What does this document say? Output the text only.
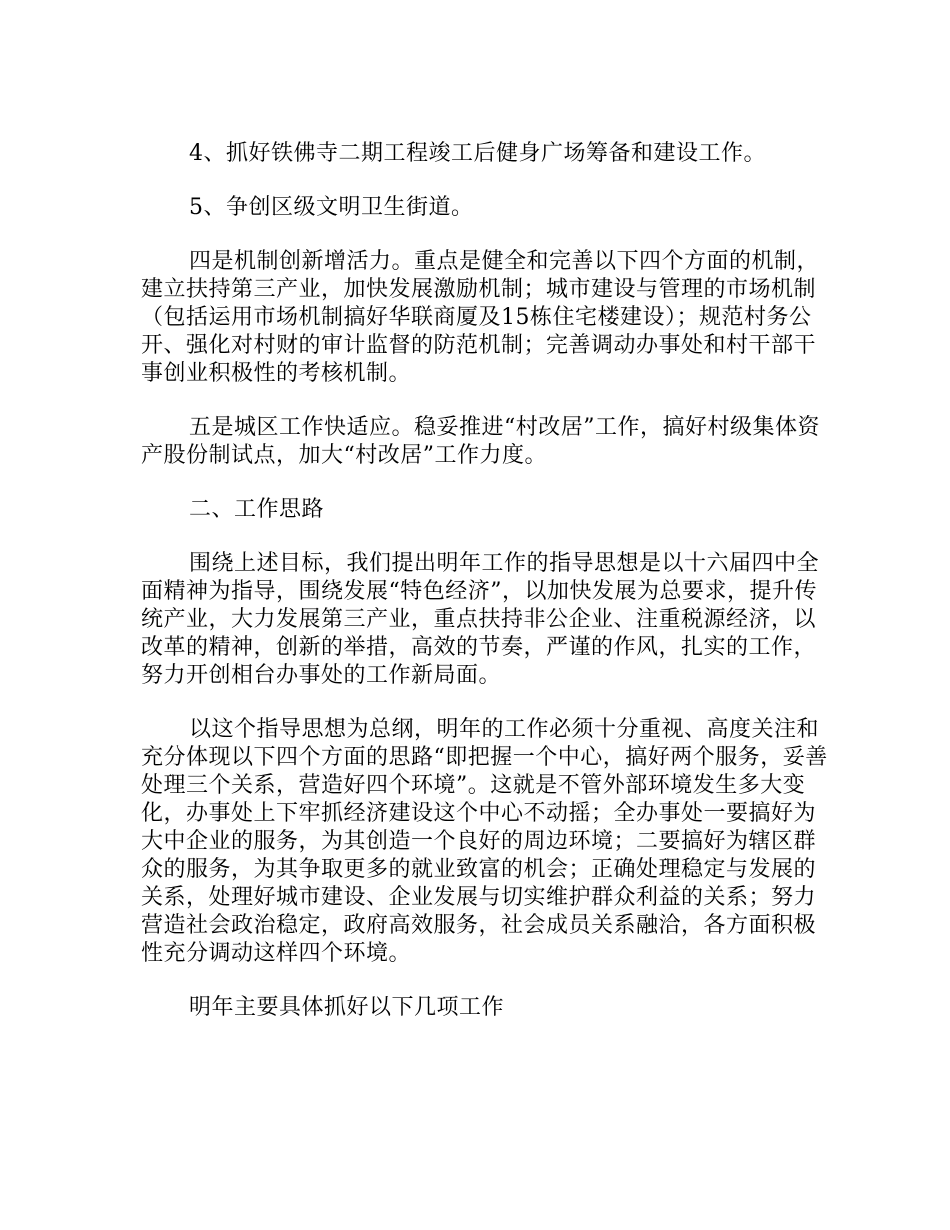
4、抓好铁佛寺二期工程竣工后健身广场筹备和建设工作。

5、争创区级文明卫生街道。

四是机制创新增活力。重点是健全和完善以下四个方面的机制，建立扶持第三产业，加快发展激励机制；城市建设与管理的市场机制（包括运用市场机制搞好华联商厦及15栋住宅楼建设）；规范村务公开、强化对村财的审计监督的防范机制；完善调动办事处和村干部干事创业积极性的考核机制。

五是城区工作快适应。稳妥推进“村改居”工作，搞好村级集体资产股份制试点，加大“村改居”工作力度。

二、工作思路

围绕上述目标，我们提出明年工作的指导思想是以十六届四中全面精神为指导，围绕发展“特色经济”，以加快发展为总要求，提升传统产业，大力发展第三产业，重点扶持非公企业、注重税源经济，以改革的精神，创新的举措，高效的节奏，严谨的作风，扎实的工作，努力开创相台办事处的工作新局面。

以这个指导思想为总纲，明年的工作必须十分重视、高度关注和充分体现以下四个方面的思路“即把握一个中心，搞好两个服务，妥善处理三个关系，营造好四个环境”。这就是不管外部环境发生多大变化，办事处上下牢抓经济建设这个中心不动摇；全办事处一要搞好为大中企业的服务，为其创造一个良好的周边环境；二要搞好为辖区群众的服务，为其争取更多的就业致富的机会；正确处理稳定与发展的关系，处理好城市建设、企业发展与切实维护群众利益的关系；努力营造社会政治稳定，政府高效服务，社会成员关系融洽，各方面积极性充分调动这样四个环境。

明年主要具体抓好以下几项工作
